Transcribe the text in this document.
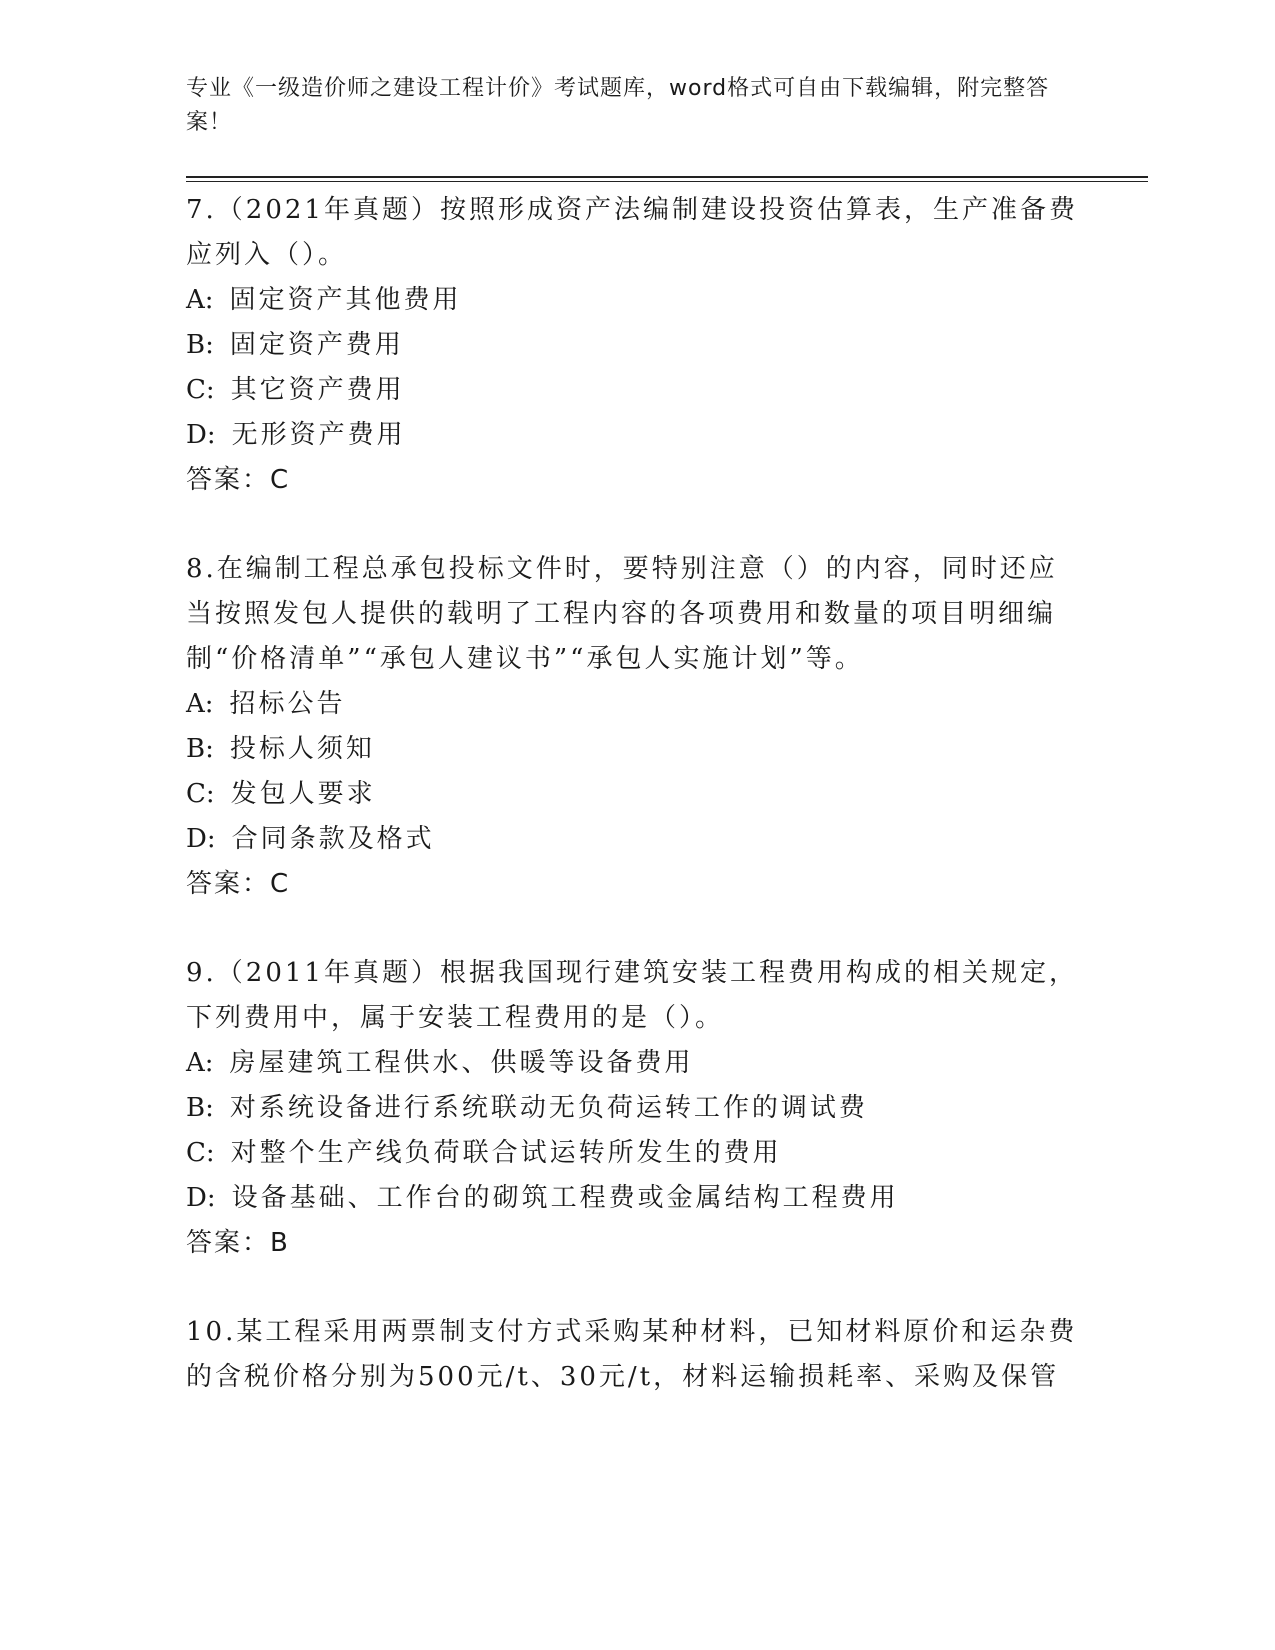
专业《一级造价师之建设工程计价》考试题库，word格式可自由下载编辑，附完整答案！

7.（2021年真题）按照形成资产法编制建设投资估算表，生产准备费应列入（）。

A: 固定资产其他费用

B: 固定资产费用

C: 其它资产费用

D: 无形资产费用

答案：C

8.在编制工程总承包投标文件时，要特别注意（）的内容，同时还应当按照发包人提供的载明了工程内容的各项费用和数量的项目明细编制“价格清单”“承包人建议书”“承包人实施计划”等。

A: 招标公告

B: 投标人须知

C: 发包人要求

D: 合同条款及格式

答案：C

9.（2011年真题）根据我国现行建筑安装工程费用构成的相关规定，下列费用中，属于安装工程费用的是（）。

A: 房屋建筑工程供水、供暖等设备费用

B: 对系统设备进行系统联动无负荷运转工作的调试费

C: 对整个生产线负荷联合试运转所发生的费用

D: 设备基础、工作台的砌筑工程费或金属结构工程费用

答案：B

10.某工程采用两票制支付方式采购某种材料，已知材料原价和运杂费的含税价格分别为500元/t、30元/t，材料运输损耗率、采购及保管
